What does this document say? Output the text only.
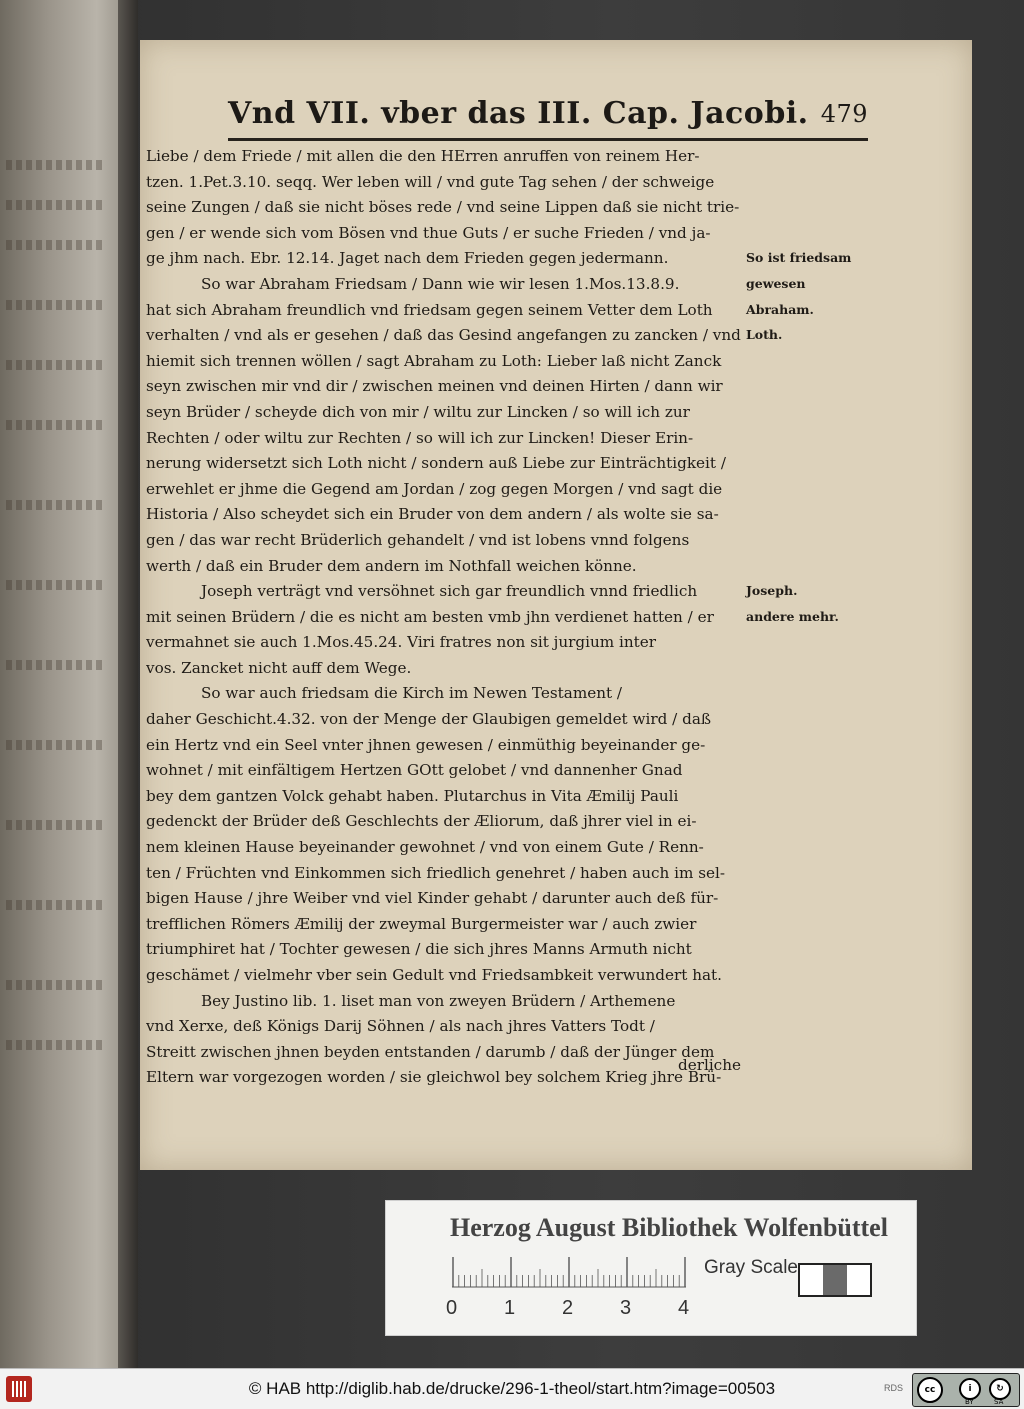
Vnd VII. vber das III. Cap. Jacobi. 479
Liebe / dem Friede / mit allen die den HErren anruffen von reinem Her-
tzen. 1.Pet.3.10. seqq. Wer leben will / vnd gute Tag sehen / der schweige
seine Zungen / daß sie nicht böses rede / vnd seine Lippen daß sie nicht trie-
gen / er wende sich vom Bösen vnd thue Guts / er suche Frieden / vnd ja-
ge jhm nach. Ebr. 12.14. Jaget nach dem Frieden gegen jedermann.
So war Abraham Friedsam / Dann wie wir lesen 1.Mos.13.8.9.
hat sich Abraham freundlich vnd friedsam gegen seinem Vetter dem Loth
verhalten / vnd als er gesehen / daß das Gesind angefangen zu zancken / vnd
hiemit sich trennen wöllen / sagt Abraham zu Loth: Lieber laß nicht Zanck
seyn zwischen mir vnd dir / zwischen meinen vnd deinen Hirten / dann wir
seyn Brüder / scheyde dich von mir / wiltu zur Lincken / so will ich zur
Rechten / oder wiltu zur Rechten / so will ich zur Lincken! Dieser Erin-
nerung widersetzt sich Loth nicht / sondern auß Liebe zur Einträchtigkeit /
erwehlet er jhme die Gegend am Jordan / zog gegen Morgen / vnd sagt die
Historia / Also scheydet sich ein Bruder von dem andern / als wolte sie sa-
gen / das war recht Brüderlich gehandelt / vnd ist lobens vnnd folgens
werth / daß ein Bruder dem andern im Nothfall weichen könne.
Joseph verträgt vnd versöhnet sich gar freundlich vnnd friedlich
mit seinen Brüdern / die es nicht am besten vmb jhn verdienet hatten / er
vermahnet sie auch 1.Mos.45.24. Viri fratres non sit jurgium inter
vos. Zancket nicht auff dem Wege.
So war auch friedsam die Kirch im Newen Testament /
daher Geschicht.4.32. von der Menge der Glaubigen gemeldet wird / daß
ein Hertz vnd ein Seel vnter jhnen gewesen / einmüthig beyeinander ge-
wohnet / mit einfältigem Hertzen GOtt gelobet / vnd dannenher Gnad
bey dem gantzen Volck gehabt haben. Plutarchus in Vita Æmilij Pauli
gedenckt der Brüder deß Geschlechts der Æliorum, daß jhrer viel in ei-
nem kleinen Hause beyeinander gewohnet / vnd von einem Gute / Renn-
ten / Früchten vnd Einkommen sich friedlich genehret / haben auch im sel-
bigen Hause / jhre Weiber vnd viel Kinder gehabt / darunter auch deß für-
trefflichen Römers Æmilij der zweymal Burgermeister war / auch zwier
triumphiret hat / Tochter gewesen / die sich jhres Manns Armuth nicht
geschämet / vielmehr vber sein Gedult vnd Friedsambkeit verwundert hat.
Bey Justino lib. 1. liset man von zweyen Brüdern / Arthemene
vnd Xerxe, deß Königs Darij Söhnen / als nach jhres Vatters Todt /
Streitt zwischen jhnen beyden entstanden / darumb / daß der Jünger dem
Eltern war vorgezogen worden / sie gleichwol bey solchem Krieg jhre Brü-
So ist friedsam
gewesen
Abraham.
Loth.
Joseph.
andere mehr.
derliche
Herzog August Bibliothek Wolfenbüttel
0 1 2 3 4
Gray Scale
© HAB http://diglib.hab.de/drucke/296-1-theol/start.htm?image=00503	RDS	cc	i	↻
BY	SA
